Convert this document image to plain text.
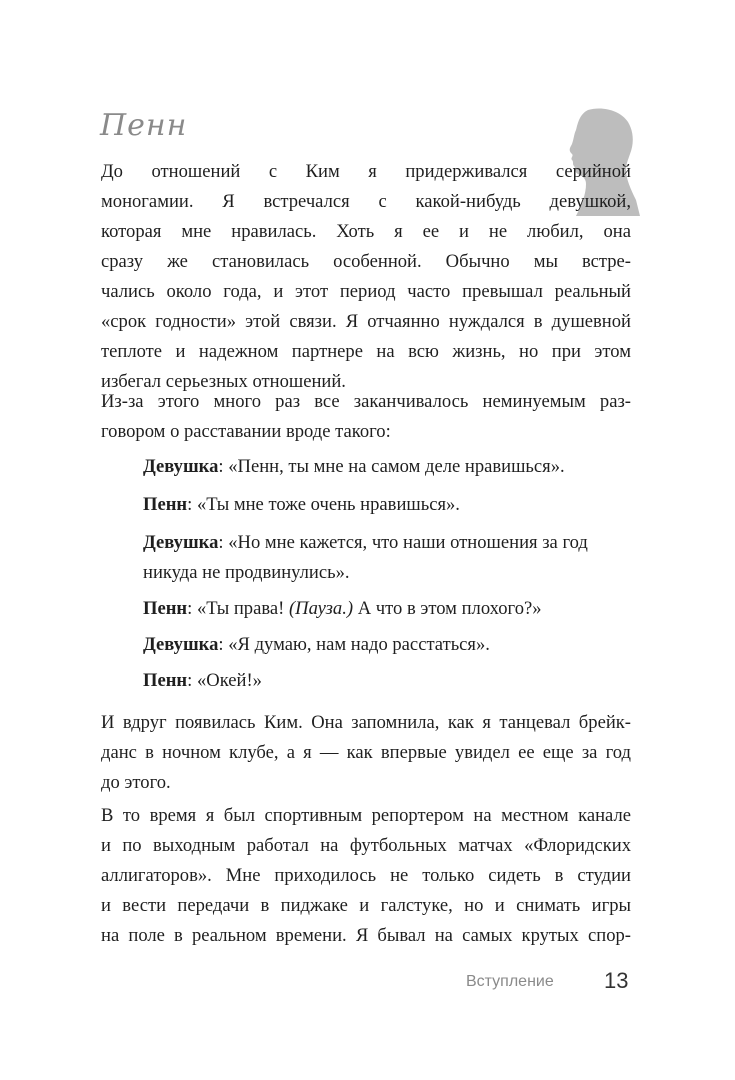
Пенн
До отношений с Ким я придерживался серийной
моногамии. Я встречался с какой-нибудь девушкой,
которая мне нравилась. Хоть я ее и не любил, она
сразу же становилась особенной. Обычно мы встре-
чались около года, и этот период часто превышал реальный
«срок годности» этой связи. Я отчаянно нуждался в душевной
теплоте и надежном партнере на всю жизнь, но при этом
избегал серьезных отношений.
Из-за этого много раз все заканчивалось неминуемым раз-
говором о расставании вроде такого:
Девушка: «Пенн, ты мне на самом деле нравишься».
Пенн: «Ты мне тоже очень нравишься».
Девушка: «Но мне кажется, что наши отношения за год
никуда не продвинулись».
Пенн: «Ты права! (Пауза.) А что в этом плохого?»
Девушка: «Я думаю, нам надо расстаться».
Пенн: «Окей!»
И вдруг появилась Ким. Она запомнила, как я танцевал брейк-
данс в ночном клубе, а я — как впервые увидел ее еще за год
до этого.
В то время я был спортивным репортером на местном канале
и по выходным работал на футбольных матчах «Флоридских
аллигаторов». Мне приходилось не только сидеть в студии
и вести передачи в пиджаке и галстуке, но и снимать игры
на поле в реальном времени. Я бывал на самых крутых спор-
Вступление 13
